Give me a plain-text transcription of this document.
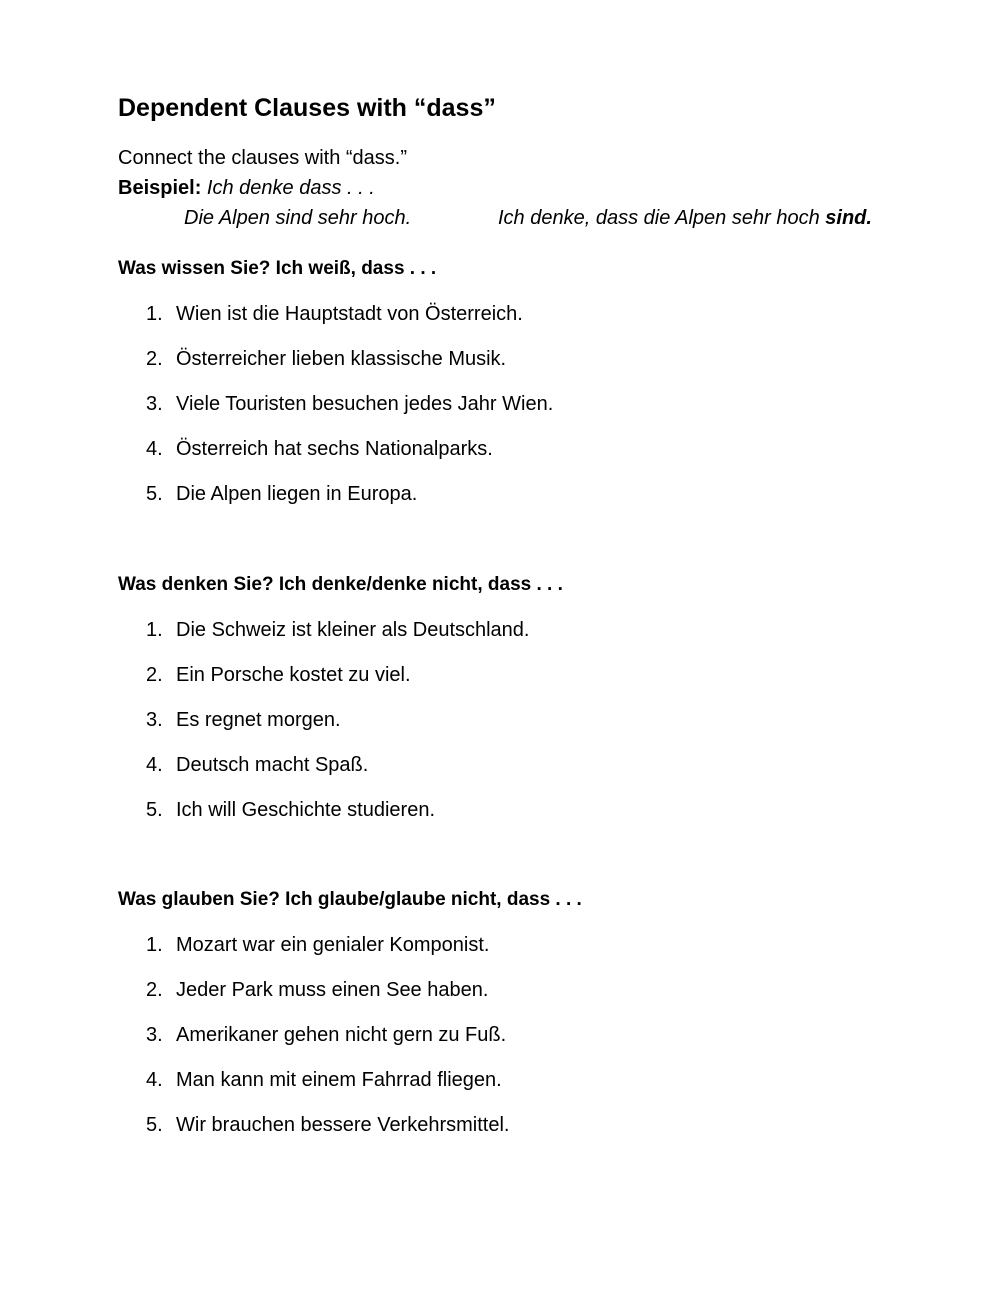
Dependent Clauses with “dass”
Connect the clauses with “dass.”
Beispiel: Ich denke dass . . .
Die Alpen sind sehr hoch.	Ich denke, dass die Alpen sehr hoch sind.
Was wissen Sie? Ich weiß, dass . . .
1. Wien ist die Hauptstadt von Österreich.
2. Österreicher lieben klassische Musik.
3. Viele Touristen besuchen jedes Jahr Wien.
4. Österreich hat sechs Nationalparks.
5. Die Alpen liegen in Europa.
Was denken Sie? Ich denke/denke nicht, dass . . .
1. Die Schweiz ist kleiner als Deutschland.
2. Ein Porsche kostet zu viel.
3. Es regnet morgen.
4. Deutsch macht Spaß.
5. Ich will Geschichte studieren.
Was glauben Sie? Ich glaube/glaube nicht, dass . . .
1. Mozart war ein genialer Komponist.
2. Jeder Park muss einen See haben.
3. Amerikaner gehen nicht gern zu Fuß.
4. Man kann mit einem Fahrrad fliegen.
5. Wir brauchen bessere Verkehrsmittel.
